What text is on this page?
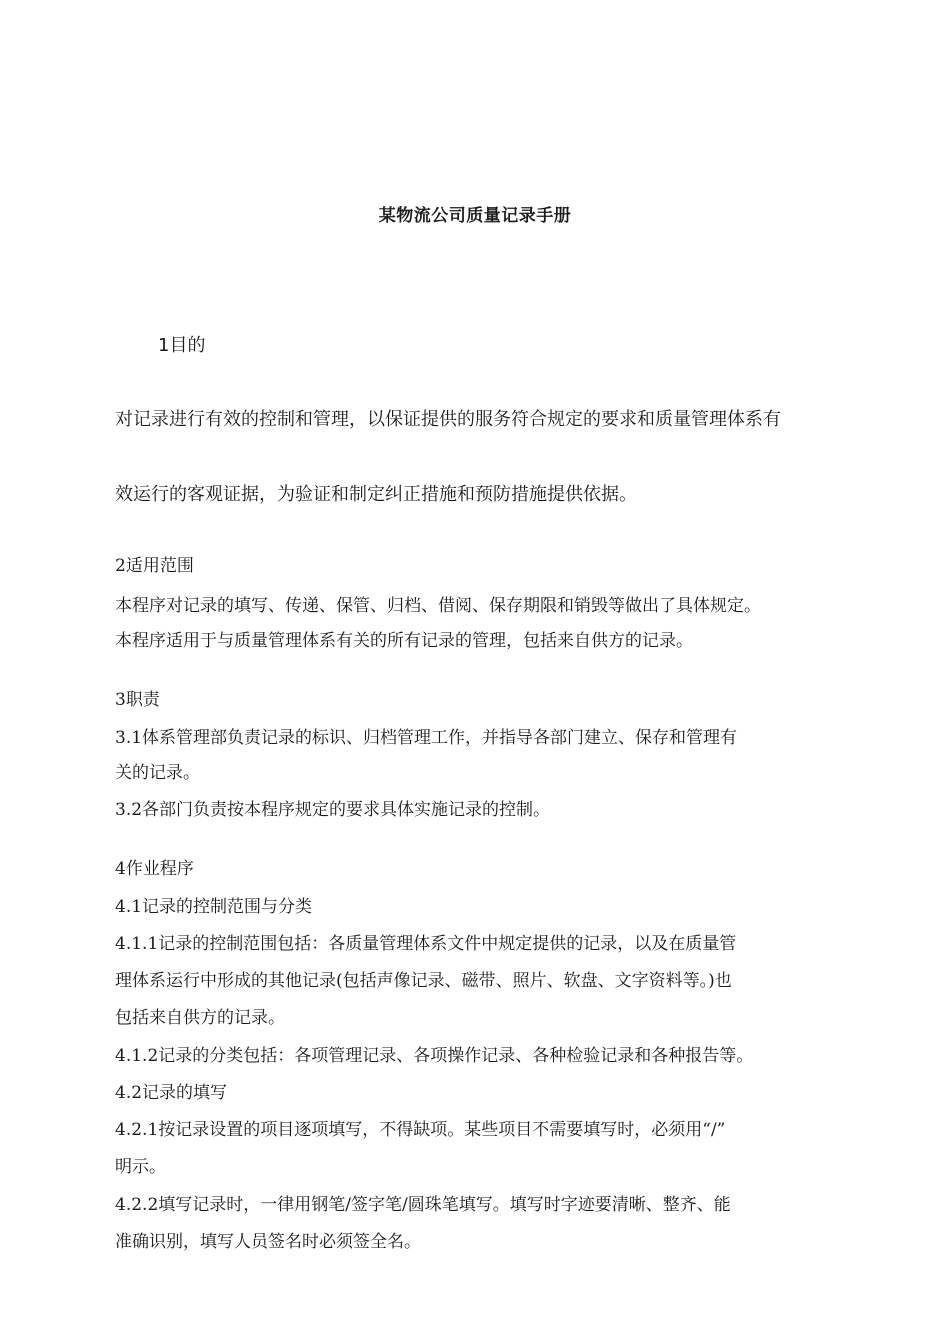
某物流公司质量记录手册
1目的
对记录进行有效的控制和管理，以保证提供的服务符合规定的要求和质量管理体系有
效运行的客观证据，为验证和制定纠正措施和预防措施提供依据。
2适用范围
本程序对记录的填写、传递、保管、归档、借阅、保存期限和销毁等做出了具体规定。
本程序适用于与质量管理体系有关的所有记录的管理，包括来自供方的记录。
3职责
3.1体系管理部负责记录的标识、归档管理工作，并指导各部门建立、保存和管理有
关的记录。
3.2各部门负责按本程序规定的要求具体实施记录的控制。
4作业程序
4.1记录的控制范围与分类
4.1.1记录的控制范围包括：各质量管理体系文件中规定提供的记录，以及在质量管
理体系运行中形成的其他记录(包括声像记录、磁带、照片、软盘、文字资料等。)也
包括来自供方的记录。
4.1.2记录的分类包括：各项管理记录、各项操作记录、各种检验记录和各种报告等。
4.2记录的填写
4.2.1按记录设置的项目逐项填写，不得缺项。某些项目不需要填写时，必须用“/”
明示。
4.2.2填写记录时，一律用钢笔/签字笔/圆珠笔填写。填写时字迹要清晰、整齐、能
准确识别，填写人员签名时必须签全名。
